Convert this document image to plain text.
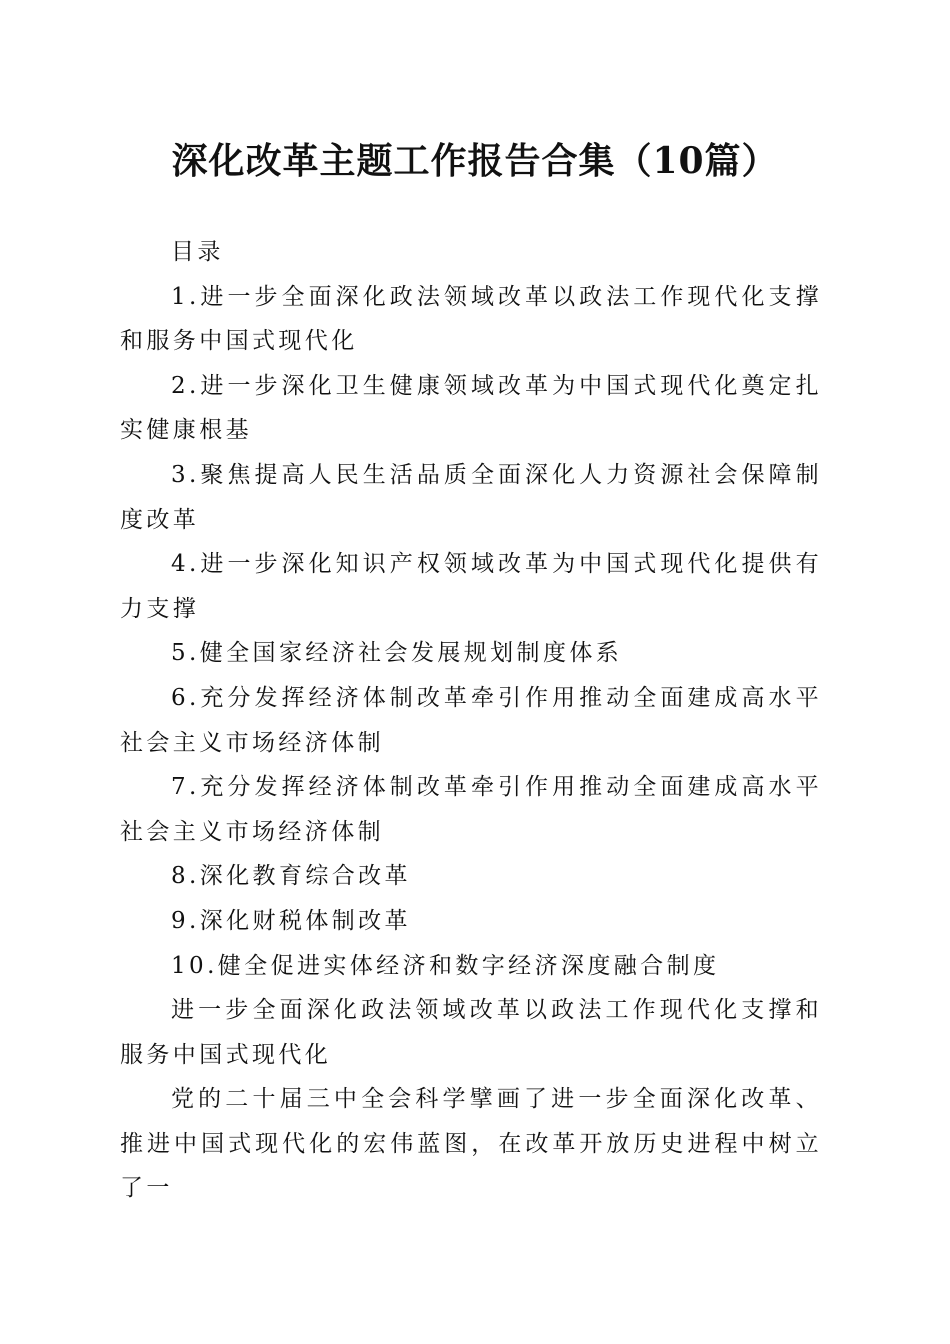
深化改革主题工作报告合集（10篇）

目录

1.进一步全面深化政法领域改革以政法工作现代化支撑和服务中国式现代化

2.进一步深化卫生健康领域改革为中国式现代化奠定扎实健康根基

3.聚焦提高人民生活品质全面深化人力资源社会保障制度改革

4.进一步深化知识产权领域改革为中国式现代化提供有力支撑

5.健全国家经济社会发展规划制度体系

6.充分发挥经济体制改革牵引作用推动全面建成高水平社会主义市场经济体制

7.充分发挥经济体制改革牵引作用推动全面建成高水平社会主义市场经济体制

8.深化教育综合改革

9.深化财税体制改革

10.健全促进实体经济和数字经济深度融合制度

进一步全面深化政法领域改革以政法工作现代化支撑和服务中国式现代化

党的二十届三中全会科学擘画了进一步全面深化改革、推进中国式现代化的宏伟蓝图，在改革开放历史进程中树立了一
